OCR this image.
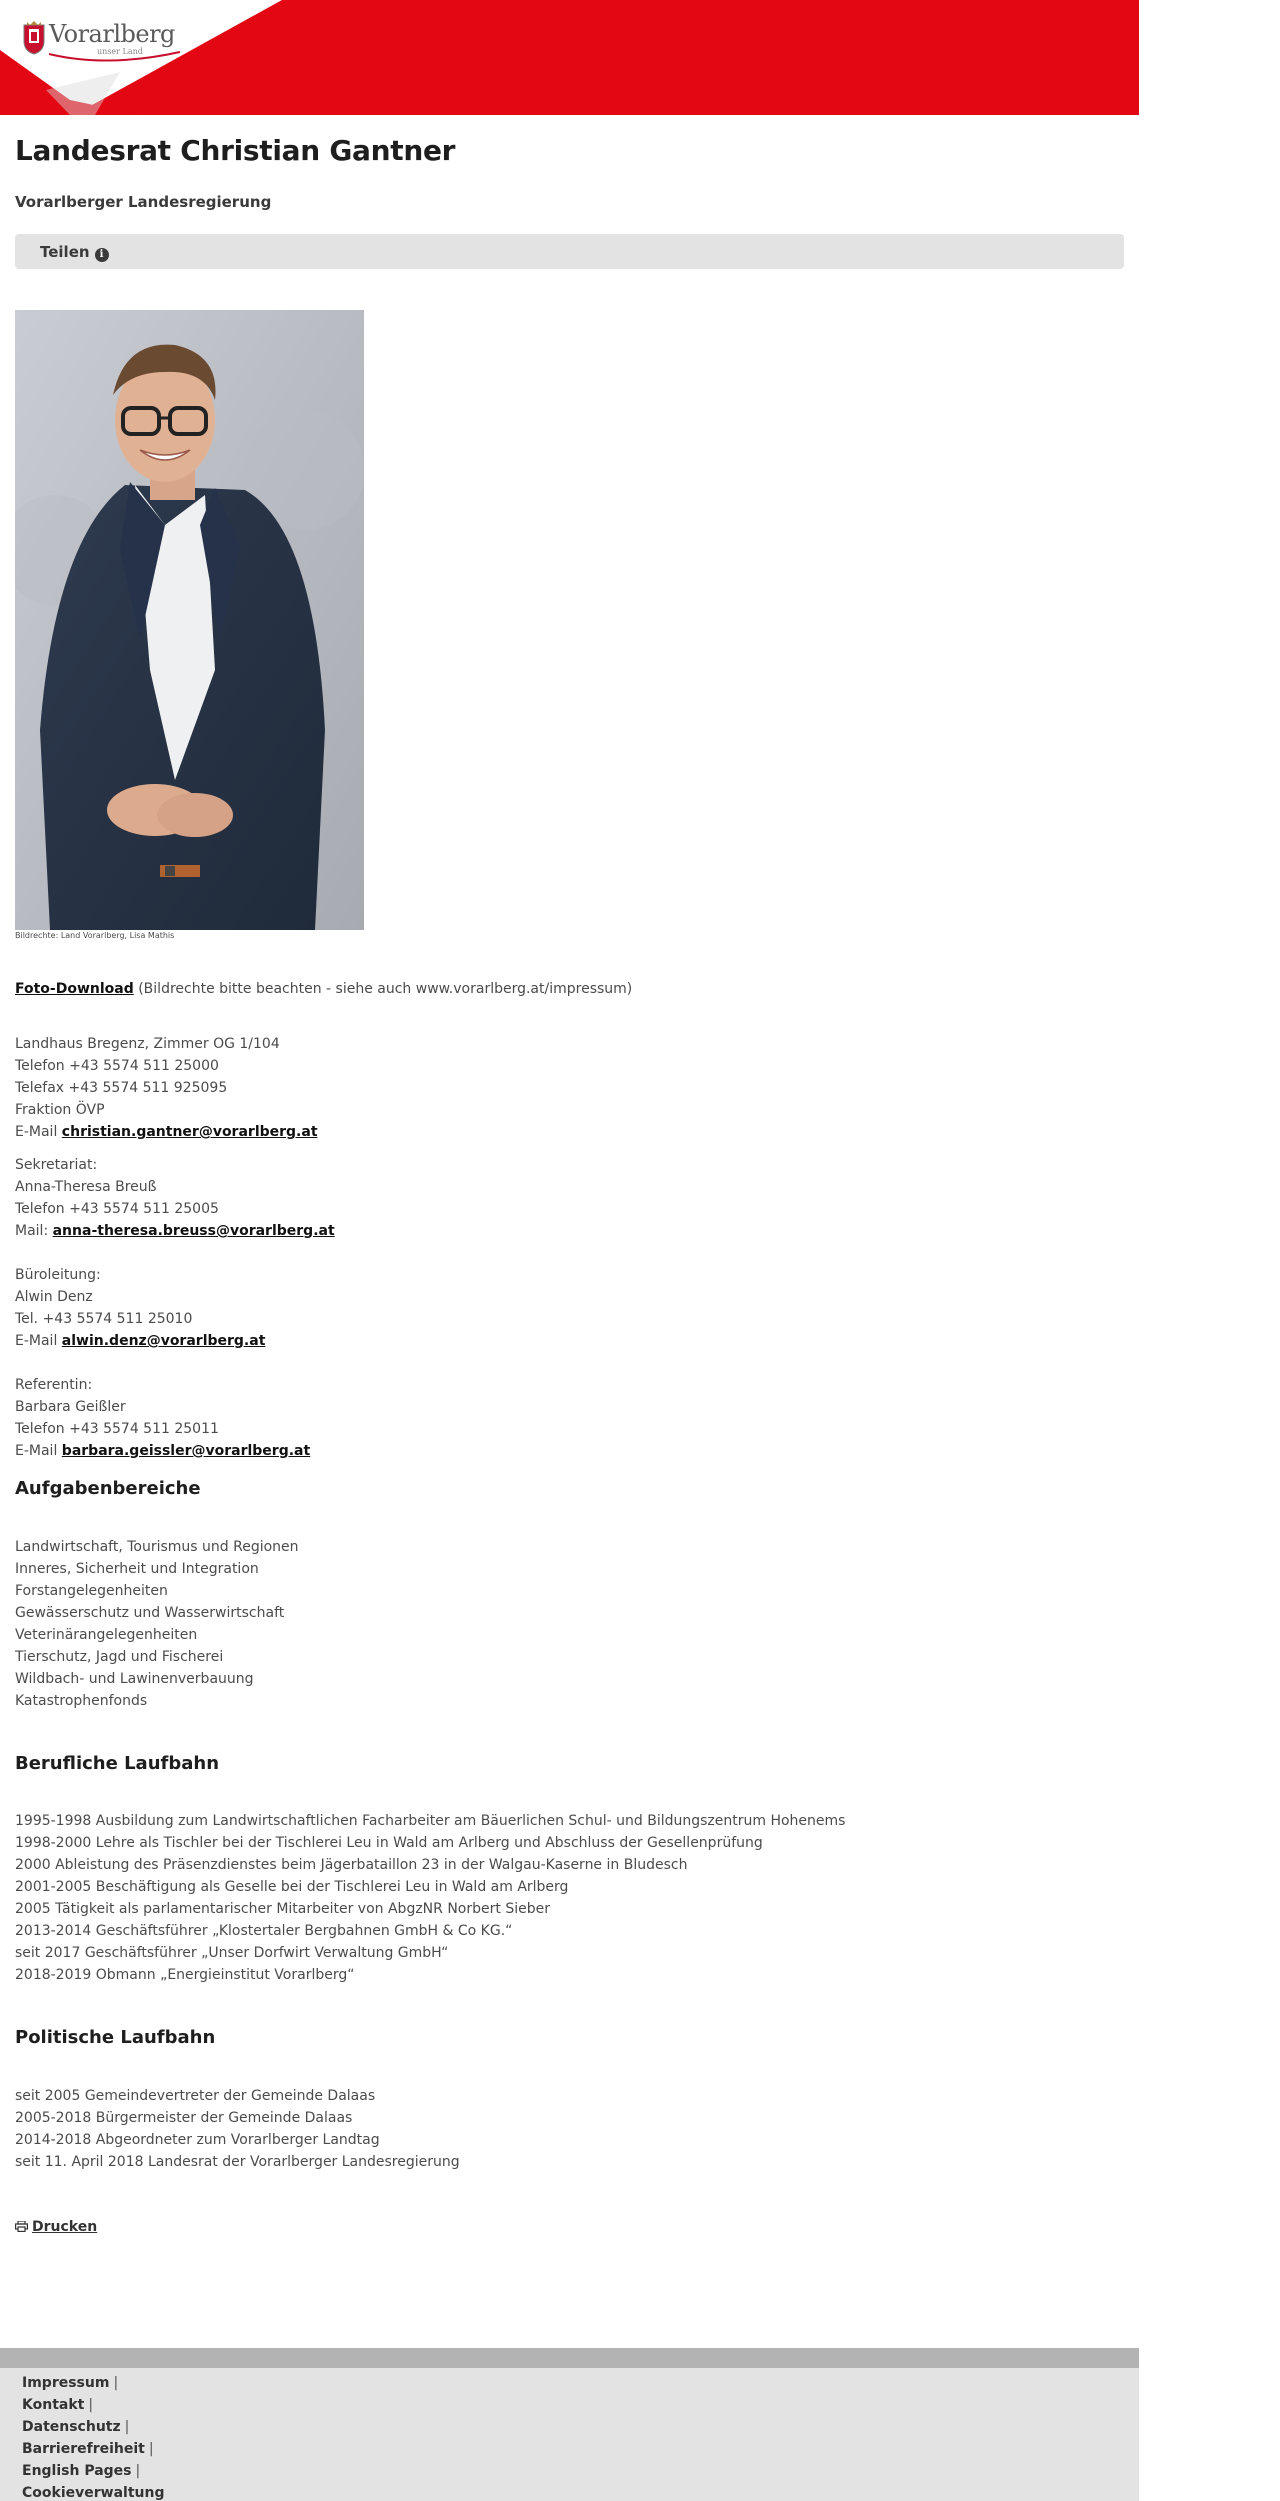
Vorarlberg
unser Land
Landesrat Christian Gantner
Vorarlberger Landesregierung
Teilen i
Bildrechte: Land Vorarlberg, Lisa Mathis
Foto-Download (Bildrechte bitte beachten - siehe auch www.vorarlberg.at/impressum)
Landhaus Bregenz, Zimmer OG 1/104
Telefon +43 5574 511 25000
Telefax +43 5574 511 925095
Fraktion ÖVP
E-Mail christian.gantner@vorarlberg.at
Sekretariat:
Anna-Theresa Breuß
Telefon +43 5574 511 25005
Mail: anna-theresa.breuss@vorarlberg.at
Büroleitung:
Alwin Denz
Tel. +43 5574 511 25010
E-Mail alwin.denz@vorarlberg.at
Referentin:
Barbara Geißler
Telefon +43 5574 511 25011
E-Mail barbara.geissler@vorarlberg.at
Aufgabenbereiche
Landwirtschaft, Tourismus und Regionen
Inneres, Sicherheit und Integration
Forstangelegenheiten
Gewässerschutz und Wasserwirtschaft
Veterinärangelegenheiten
Tierschutz, Jagd und Fischerei
Wildbach- und Lawinenverbauung
Katastrophenfonds
Berufliche Laufbahn
1995-1998 Ausbildung zum Landwirtschaftlichen Facharbeiter am Bäuerlichen Schul- und Bildungszentrum Hohenems
1998-2000 Lehre als Tischler bei der Tischlerei Leu in Wald am Arlberg und Abschluss der Gesellenprüfung
2000 Ableistung des Präsenzdienstes beim Jägerbataillon 23 in der Walgau-Kaserne in Bludesch
2001-2005 Beschäftigung als Geselle bei der Tischlerei Leu in Wald am Arlberg
2005 Tätigkeit als parlamentarischer Mitarbeiter von AbgzNR Norbert Sieber
2013-2014 Geschäftsführer „Klostertaler Bergbahnen GmbH & Co KG.“
seit 2017 Geschäftsführer „Unser Dorfwirt Verwaltung GmbH“
2018-2019 Obmann „Energieinstitut Vorarlberg“
Politische Laufbahn
seit 2005 Gemeindevertreter der Gemeinde Dalaas
2005-2018 Bürgermeister der Gemeinde Dalaas
2014-2018 Abgeordneter zum Vorarlberger Landtag
seit 11. April 2018 Landesrat der Vorarlberger Landesregierung
Drucken
Impressum |
Kontakt |
Datenschutz |
Barrierefreiheit |
English Pages |
Cookieverwaltung
